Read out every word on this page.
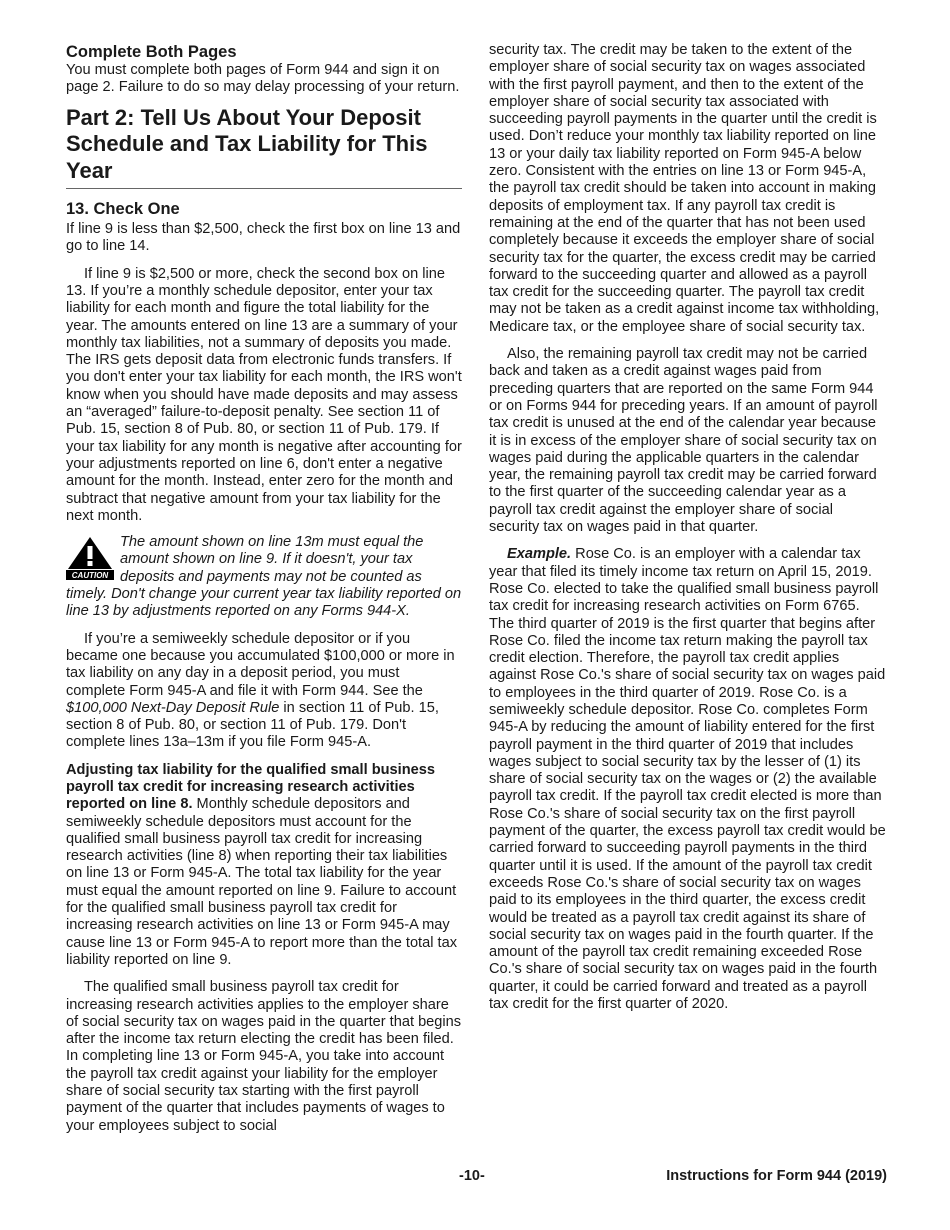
Complete Both Pages

You must complete both pages of Form 944 and sign it on page 2. Failure to do so may delay processing of your return.

Part 2: Tell Us About Your Deposit Schedule and Tax Liability for This Year
13. Check One

If line 9 is less than $2,500, check the first box on line 13 and go to line 14.

If line 9 is $2,500 or more, check the second box on line 13. If you’re a monthly schedule depositor, enter your tax liability for each month and figure the total liability for the year. The amounts entered on line 13 are a summary of your monthly tax liabilities, not a summary of deposits you made. The IRS gets deposit data from electronic funds transfers. If you don't enter your tax liability for each month, the IRS won't know when you should have made deposits and may assess an “averaged” failure-to-deposit penalty. See section 11 of Pub. 15, section 8 of Pub. 80, or section 11 of Pub. 179. If your tax liability for any month is negative after accounting for your adjustments reported on line 6, don't enter a negative amount for the month. Instead, enter zero for the month and subtract that negative amount from your tax liability for the next month.

CAUTION
The amount shown on line 13m must equal the amount shown on line 9. If it doesn't, your tax deposits and payments may not be counted as timely. Don't change your current year tax liability reported on line 13 by adjustments reported on any Forms 944-X.

If you’re a semiweekly schedule depositor or if you became one because you accumulated $100,000 or more in tax liability on any day in a deposit period, you must complete Form 945-A and file it with Form 944. See the $100,000 Next-Day Deposit Rule in section 11 of Pub. 15, section 8 of Pub. 80, or section 11 of Pub. 179. Don't complete lines 13a–13m if you file Form 945-A.

Adjusting tax liability for the qualified small business payroll tax credit for increasing research activities reported on line 8. Monthly schedule depositors and semiweekly schedule depositors must account for the qualified small business payroll tax credit for increasing research activities (line 8) when reporting their tax liabilities on line 13 or Form 945-A. The total tax liability for the year must equal the amount reported on line 9. Failure to account for the qualified small business payroll tax credit for increasing research activities on line 13 or Form 945-A may cause line 13 or Form 945-A to report more than the total tax liability reported on line 9.

The qualified small business payroll tax credit for increasing research activities applies to the employer share of social security tax on wages paid in the quarter that begins after the income tax return electing the credit has been filed. In completing line 13 or Form 945-A, you take into account the payroll tax credit against your liability for the employer share of social security tax starting with the first payroll payment of the quarter that includes payments of wages to your employees subject to social

security tax. The credit may be taken to the extent of the employer share of social security tax on wages associated with the first payroll payment, and then to the extent of the employer share of social security tax associated with succeeding payroll payments in the quarter until the credit is used. Don’t reduce your monthly tax liability reported on line 13 or your daily tax liability reported on Form 945-A below zero. Consistent with the entries on line 13 or Form 945-A, the payroll tax credit should be taken into account in making deposits of employment tax. If any payroll tax credit is remaining at the end of the quarter that has not been used completely because it exceeds the employer share of social security tax for the quarter, the excess credit may be carried forward to the succeeding quarter and allowed as a payroll tax credit for the succeeding quarter. The payroll tax credit may not be taken as a credit against income tax withholding, Medicare tax, or the employee share of social security tax.

Also, the remaining payroll tax credit may not be carried back and taken as a credit against wages paid from preceding quarters that are reported on the same Form 944 or on Forms 944 for preceding years. If an amount of payroll tax credit is unused at the end of the calendar year because it is in excess of the employer share of social security tax on wages paid during the applicable quarters in the calendar year, the remaining payroll tax credit may be carried forward to the first quarter of the succeeding calendar year as a payroll tax credit against the employer share of social security tax on wages paid in that quarter.

Example. Rose Co. is an employer with a calendar tax year that filed its timely income tax return on April 15, 2019. Rose Co. elected to take the qualified small business payroll tax credit for increasing research activities on Form 6765. The third quarter of 2019 is the first quarter that begins after Rose Co. filed the income tax return making the payroll tax credit election. Therefore, the payroll tax credit applies against Rose Co.'s share of social security tax on wages paid to employees in the third quarter of 2019. Rose Co. is a semiweekly schedule depositor. Rose Co. completes Form 945-A by reducing the amount of liability entered for the first payroll payment in the third quarter of 2019 that includes wages subject to social security tax by the lesser of (1) its share of social security tax on the wages or (2) the available payroll tax credit. If the payroll tax credit elected is more than Rose Co.'s share of social security tax on the first payroll payment of the quarter, the excess payroll tax credit would be carried forward to succeeding payroll payments in the third quarter until it is used. If the amount of the payroll tax credit exceeds Rose Co.'s share of social security tax on wages paid to its employees in the third quarter, the excess credit would be treated as a payroll tax credit against its share of social security tax on wages paid in the fourth quarter. If the amount of the payroll tax credit remaining exceeded Rose Co.'s share of social security tax on wages paid in the fourth quarter, it could be carried forward and treated as a payroll tax credit for the first quarter of 2020.

-10-	Instructions for Form 944 (2019)
